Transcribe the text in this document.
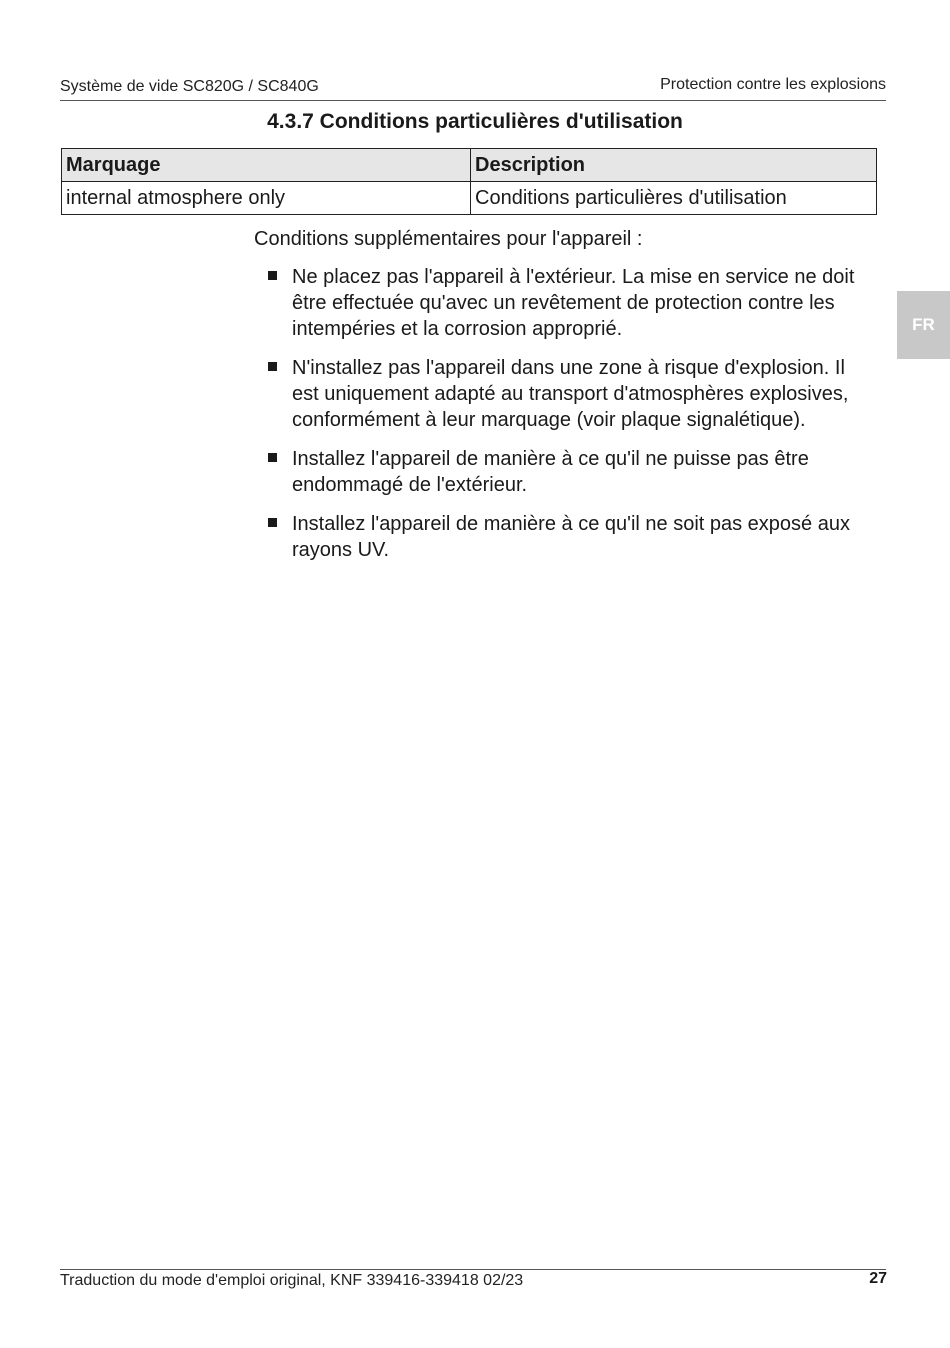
Système de vide SC820G / SC840G	Protection contre les explosions
4.3.7 Conditions particulières d'utilisation
Marquage	Description
internal atmosphere only	Conditions particulières d'utilisation
Conditions supplémentaires pour l'appareil :
Ne placez pas l'appareil à l'extérieur. La mise en service ne doit être effectuée qu'avec un revêtement de protection contre les intempéries et la corrosion approprié.
N'installez pas l'appareil dans une zone à risque d'explosion. Il est uniquement adapté au transport d'atmosphères explosives, conformément à leur marquage (voir plaque signalétique).
Installez l'appareil de manière à ce qu'il ne puisse pas être endommagé de l'extérieur.
Installez l'appareil de manière à ce qu'il ne soit pas exposé aux rayons UV.
FR
Traduction du mode d'emploi original, KNF 339416-339418 02/23	27
